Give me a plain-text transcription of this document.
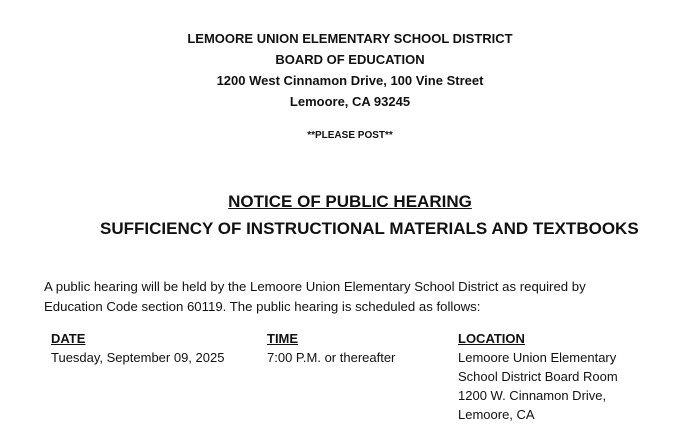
LEMOORE UNION ELEMENTARY SCHOOL DISTRICT
BOARD OF EDUCATION
1200 West Cinnamon Drive, 100 Vine Street
Lemoore, CA 93245
**PLEASE POST**
NOTICE OF PUBLIC HEARING
SUFFICIENCY OF INSTRUCTIONAL MATERIALS AND TEXTBOOKS
A public hearing will be held by the Lemoore Union Elementary School District as required by
Education Code section 60119. The public hearing is scheduled as follows:
DATE
Tuesday, September 09, 2025
TIME
7:00 P.M. or thereafter
LOCATION
Lemoore Union Elementary
School District Board Room
1200 W. Cinnamon Drive,
Lemoore, CA
